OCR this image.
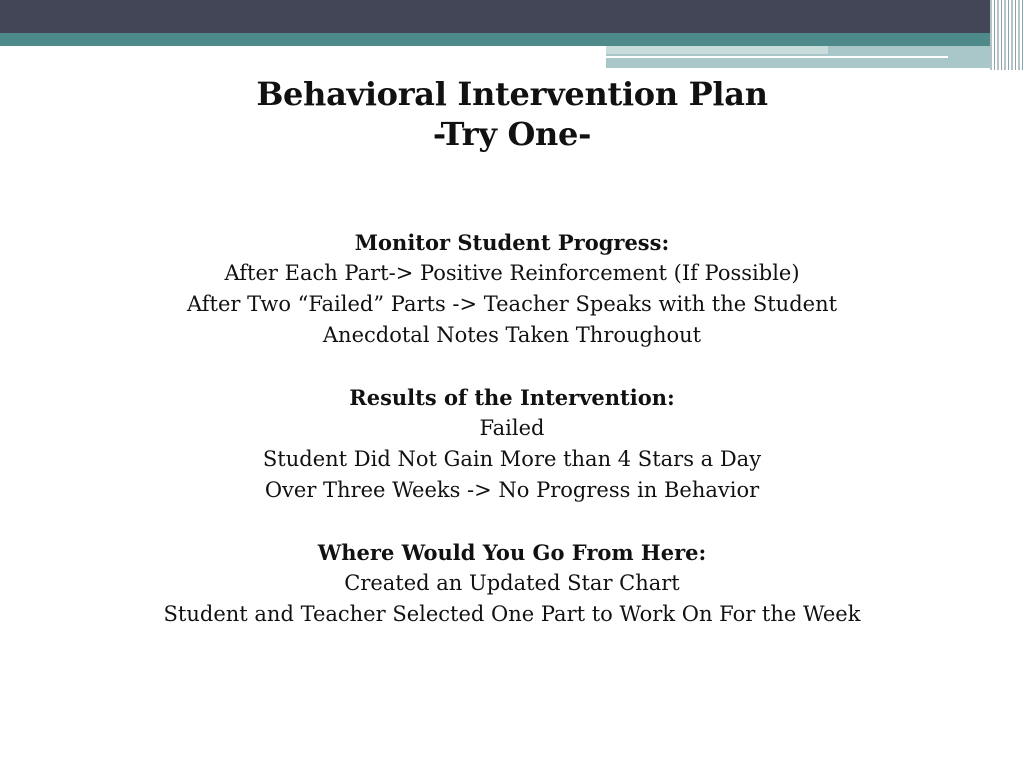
Behavioral Intervention Plan
-Try One-
Monitor Student Progress:
After Each Part-> Positive Reinforcement (If Possible)
After Two “Failed” Parts -> Teacher Speaks with the Student
Anecdotal Notes Taken Throughout
Results of the Intervention:
Failed
Student Did Not Gain More than 4 Stars a Day
Over Three Weeks -> No Progress in Behavior
Where Would You Go From Here:
Created an Updated Star Chart
Student and Teacher Selected One Part to Work On For the Week
